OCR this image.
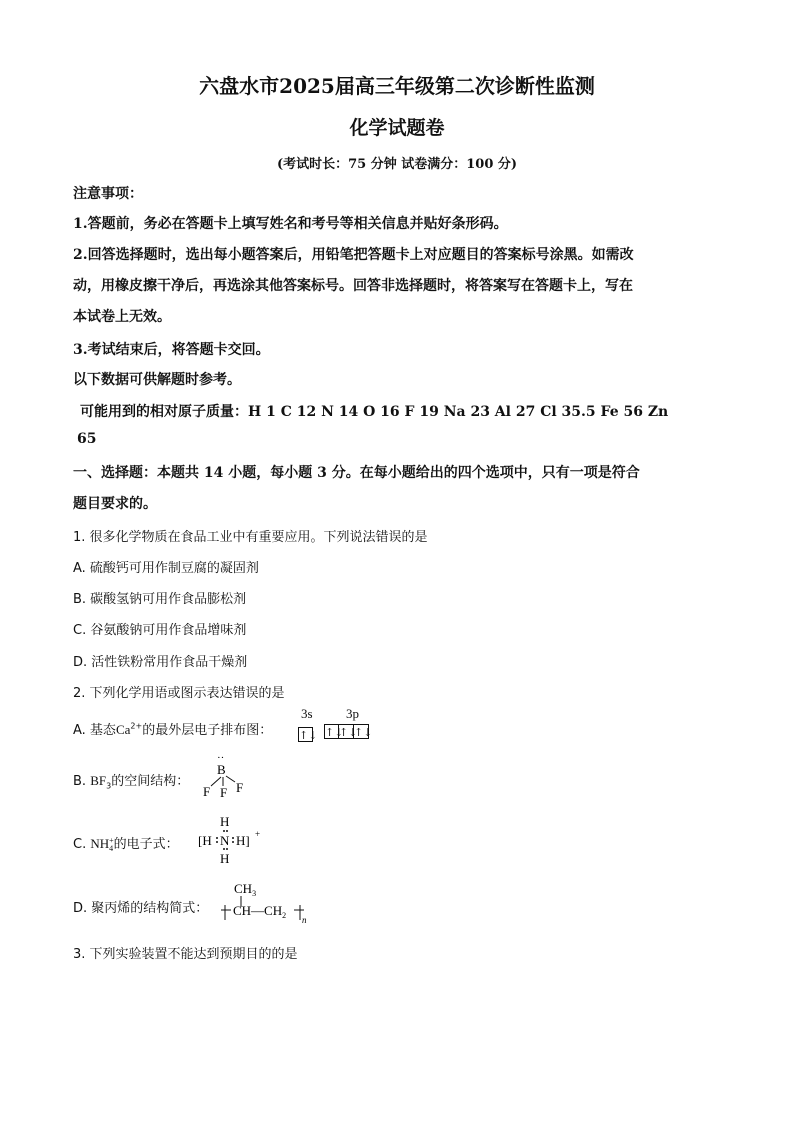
六盘水市2025届高三年级第二次诊断性监测
化学试题卷
(考试时长：75 分钟 试卷满分：100 分)
注意事项：
1.答题前，务必在答题卡上填写姓名和考号等相关信息并贴好条形码。
2.回答选择题时，选出每小题答案后，用铅笔把答题卡上对应题目的答案标号涂黑。如需改
动，用橡皮擦干净后，再选涂其他答案标号。回答非选择题时，将答案写在答题卡上，写在
本试卷上无效。
3.考试结束后，将答题卡交回。
以下数据可供解题时参考。
可能用到的相对原子质量：H 1 C 12 N 14 O 16 F 19 Na 23 Al 27 Cl 35.5 Fe 56 Zn
65
一、选择题：本题共 14 小题，每小题 3 分。在每小题给出的四个选项中，只有一项是符合
题目要求的。
1. 很多化学物质在食品工业中有重要应用。下列说法错误的是
A. 硫酸钙可用作制豆腐的凝固剂
B. 碳酸氢钠可用作食品膨松剂
C. 谷氨酸钠可用作食品增味剂
D. 活性铁粉常用作食品干燥剂
2. 下列化学用语或图示表达错误的是
A. 基态$Ca^{2+}$的最外层电子排布图：
3s	3p
↑↓ ↑↓
↑↓
↑↓
B. $BF_3$的空间结构：
··
B
F F F
C. NH +
4 的电子式：
H
[H N H] +
H
D. 聚丙烯的结构简式：
$CH_3$
$CH—CH_2$ n
3. 下列实验装置不能达到预期目的的是
